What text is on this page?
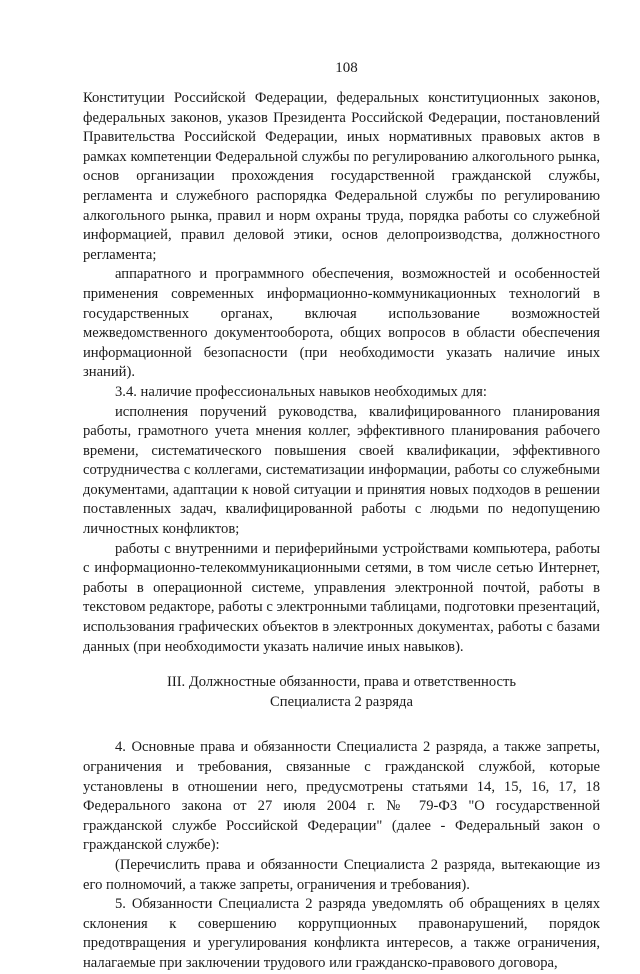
108

Конституции Российской Федерации, федеральных конституционных законов, федеральных законов, указов Президента Российской Федерации, постановлений Правительства Российской Федерации, иных нормативных правовых актов в рамках компетенции Федеральной службы по регулированию алкогольного рынка, основ организации прохождения государственной гражданской службы, регламента и служебного распорядка Федеральной службы по регулированию алкогольного рынка, правил и норм охраны труда, порядка работы со служебной информацией, правил деловой этики, основ делопроизводства, должностного регламента;

аппаратного и программного обеспечения, возможностей и особенностей применения современных информационно-коммуникационных технологий в государственных органах, включая использование возможностей межведомственного документооборота, общих вопросов в области обеспечения информационной безопасности (при необходимости указать наличие иных знаний).

3.4. наличие профессиональных навыков необходимых для:

исполнения поручений руководства, квалифицированного планирования работы, грамотного учета мнения коллег, эффективного планирования рабочего времени, систематического повышения своей квалификации, эффективного сотрудничества с коллегами, систематизации информации, работы со служебными документами, адаптации к новой ситуации и принятия новых подходов в решении поставленных задач, квалифицированной работы с людьми по недопущению личностных конфликтов;

работы с внутренними и периферийными устройствами компьютера, работы с информационно-телекоммуникационными сетями, в том числе сетью Интернет, работы в операционной системе, управления электронной почтой, работы в текстовом редакторе, работы с электронными таблицами, подготовки презентаций, использования графических объектов в электронных документах, работы с базами данных (при необходимости указать наличие иных навыков).

III. Должностные обязанности, права и ответственность

Специалиста 2 разряда

4. Основные права и обязанности Специалиста 2 разряда, а также запреты, ограничения и требования, связанные с гражданской службой, которые установлены в отношении него, предусмотрены статьями 14, 15, 16, 17, 18 Федерального закона от 27 июля 2004 г. № 79-ФЗ "О государственной гражданской службе Российской Федерации" (далее - Федеральный закон о гражданской службе):

(Перечислить права и обязанности Специалиста 2 разряда, вытекающие из его полномочий, а также запреты, ограничения и требования).

5. Обязанности Специалиста 2 разряда уведомлять об обращениях в целях склонения к совершению коррупционных правонарушений, порядок предотвращения и урегулирования конфликта интересов, а также ограничения, налагаемые при заключении трудового или гражданско-правового договора,
